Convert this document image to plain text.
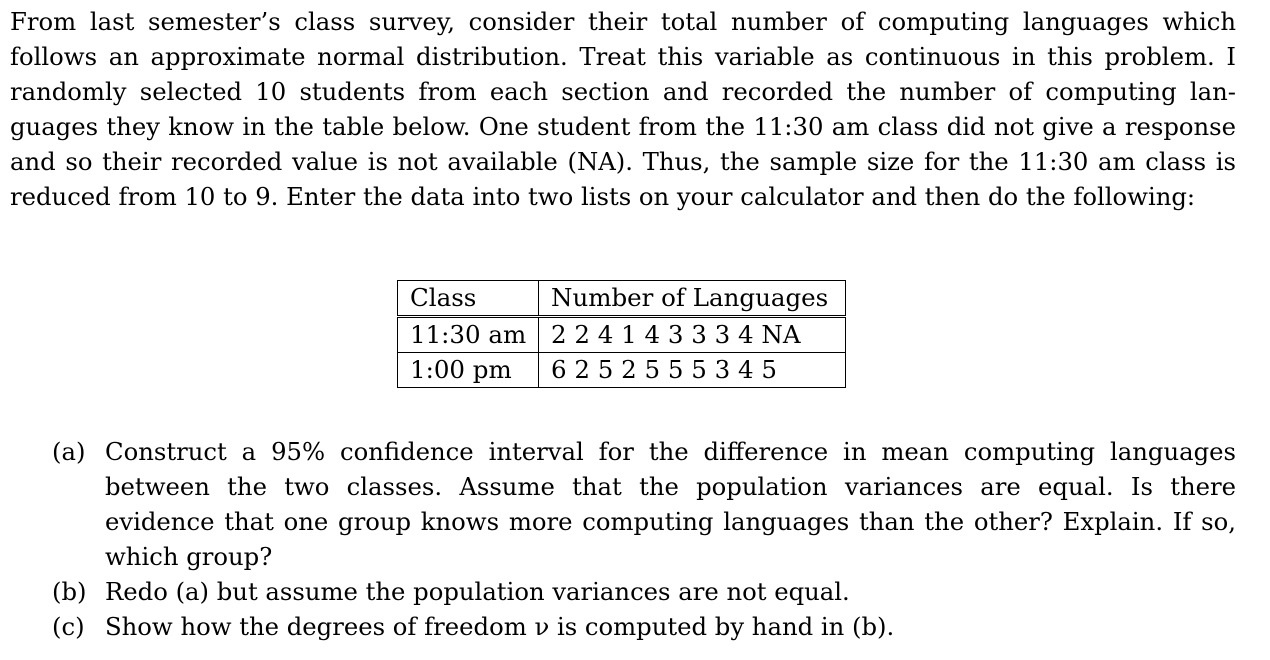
From last semester’s class survey, consider their total number of computing languages which follows an approximate normal distribution. Treat this variable as continuous in this problem. I randomly selected 10 students from each section and recorded the number of computing languages they know in the table below. One student from the 11:30 am class did not give a response and so their recorded value is not available (NA). Thus, the sample size for the 11:30 am class is reduced from 10 to 9. Enter the data into two lists on your calculator and then do the following:

Class	Number of Languages
11:30 am	2 2 4 1 4 3 3 3 4 NA
1:00 pm	6 2 5 2 5 5 5 3 4 5
(a) Construct a 95% confidence interval for the difference in mean computing languages between the two classes. Assume that the population variances are equal. Is there evidence that one group knows more computing languages than the other? Explain. If so, which group?
(b) Redo (a) but assume the population variances are not equal.
(c) Show how the degrees of freedom ν is computed by hand in (b).
